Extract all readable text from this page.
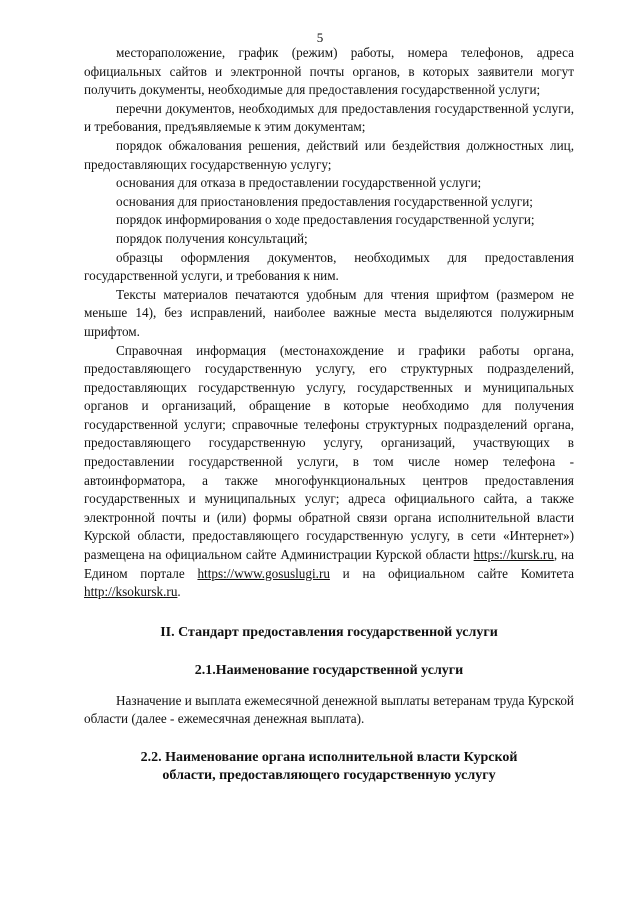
5

местораположение, график (режим) работы, номера телефонов, адреса официальных сайтов и электронной почты органов, в которых заявители могут получить документы, необходимые для предоставления государственной услуги;

перечни документов, необходимых для предоставления государственной услуги, и требования, предъявляемые к этим документам;

порядок обжалования решения, действий или бездействия должностных лиц, предоставляющих государственную услугу;

основания для отказа в предоставлении государственной услуги;

основания для приостановления предоставления государственной услуги;

порядок информирования о ходе предоставления государственной услуги;

порядок получения консультаций;

образцы оформления документов, необходимых для предоставления государственной услуги, и требования к ним.

Тексты материалов печатаются удобным для чтения шрифтом (размером не меньше 14), без исправлений, наиболее важные места выделяются полужирным шрифтом.

Справочная информация (местонахождение и графики работы органа, предоставляющего государственную услугу, его структурных подразделений, предоставляющих государственную услугу, государственных и муниципальных органов и организаций, обращение в которые необходимо для получения государственной услуги; справочные телефоны структурных подразделений органа, предоставляющего государственную услугу, организаций, участвующих в предоставлении государственной услуги, в том числе номер телефона - автоинформатора, а также многофункциональных центров предоставления государственных и муниципальных услуг; адреса официального сайта, а также электронной почты и (или) формы обратной связи органа исполнительной власти Курской области, предоставляющего государственную услугу, в сети «Интернет») размещена на официальном сайте Администрации Курской области https://kursk.ru, на Едином портале https://www.gosuslugi.ru и на официальном сайте Комитета http://ksokursk.ru.

II. Стандарт предоставления государственной услуги
2.1.Наименование государственной услуги

Назначение и выплата ежемесячной денежной выплаты ветеранам труда Курской области (далее - ежемесячная денежная выплата).

2.2. Наименование органа исполнительной власти Курской
области, предоставляющего государственную услугу
